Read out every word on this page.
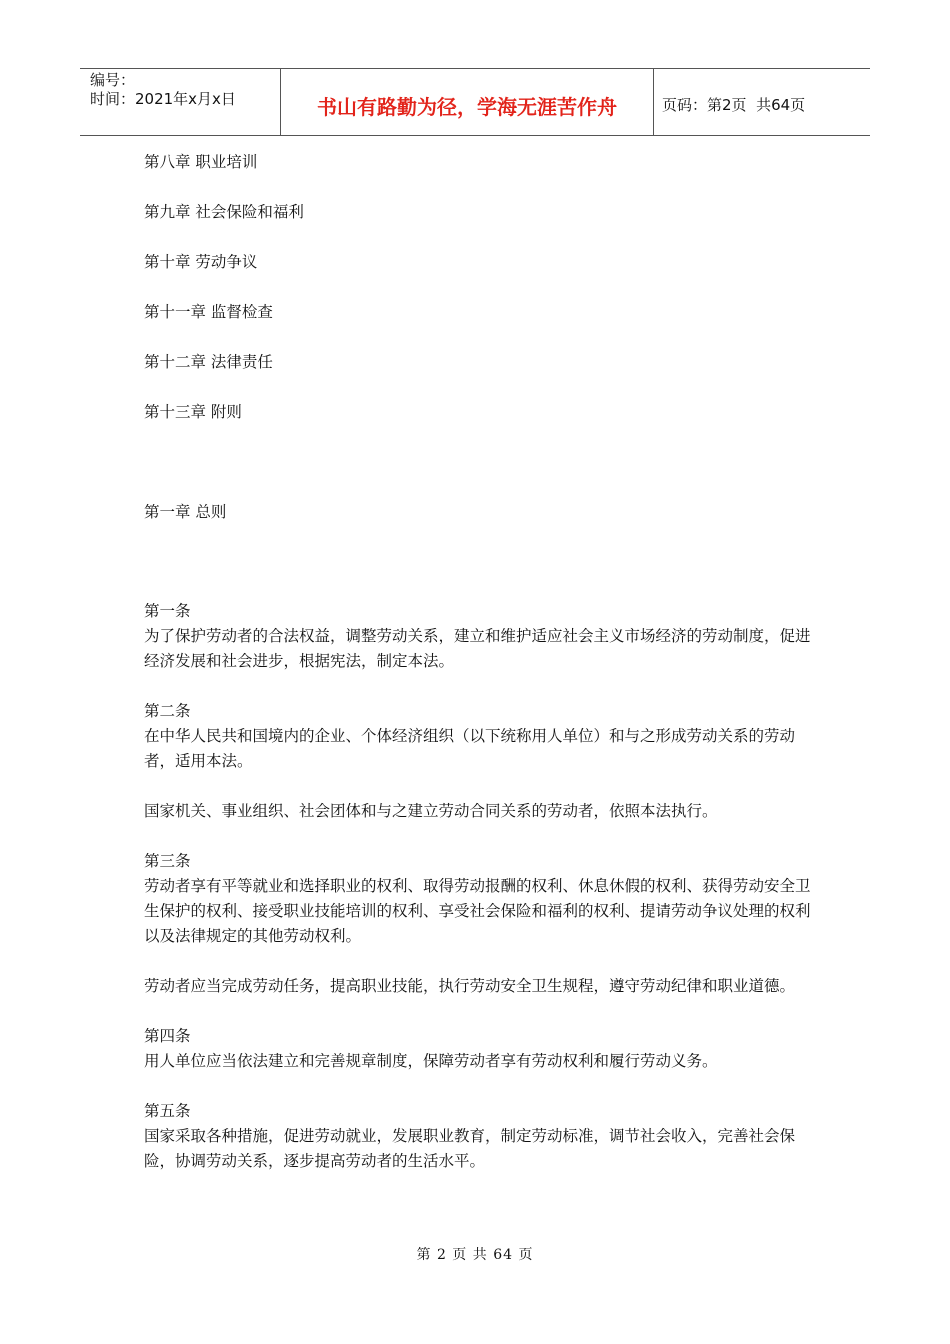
编号：
时间：2021年x月x日	书山有路勤为径，学海无涯苦作舟	页码：第2页  共64页
第八章 职业培训
第九章 社会保险和福利
第十章 劳动争议
第十一章 监督检查
第十二章 法律责任
第十三章 附则
第一章 总则
第一条

为了保护劳动者的合法权益，调整劳动关系，建立和维护适应社会主义市场经济的劳动制度，促进经济发展和社会进步，根据宪法，制定本法。

第二条

在中华人民共和国境内的企业、个体经济组织（以下统称用人单位）和与之形成劳动关系的劳动者，适用本法。

国家机关、事业组织、社会团体和与之建立劳动合同关系的劳动者，依照本法执行。

第三条

劳动者享有平等就业和选择职业的权利、取得劳动报酬的权利、休息休假的权利、获得劳动安全卫生保护的权利、接受职业技能培训的权利、享受社会保险和福利的权利、提请劳动争议处理的权利以及法律规定的其他劳动权利。

劳动者应当完成劳动任务，提高职业技能，执行劳动安全卫生规程，遵守劳动纪律和职业道德。

第四条

用人单位应当依法建立和完善规章制度，保障劳动者享有劳动权利和履行劳动义务。

第五条

国家采取各种措施，促进劳动就业，发展职业教育，制定劳动标准，调节社会收入，完善社会保险，协调劳动关系，逐步提高劳动者的生活水平。

第 2 页 共 64 页
